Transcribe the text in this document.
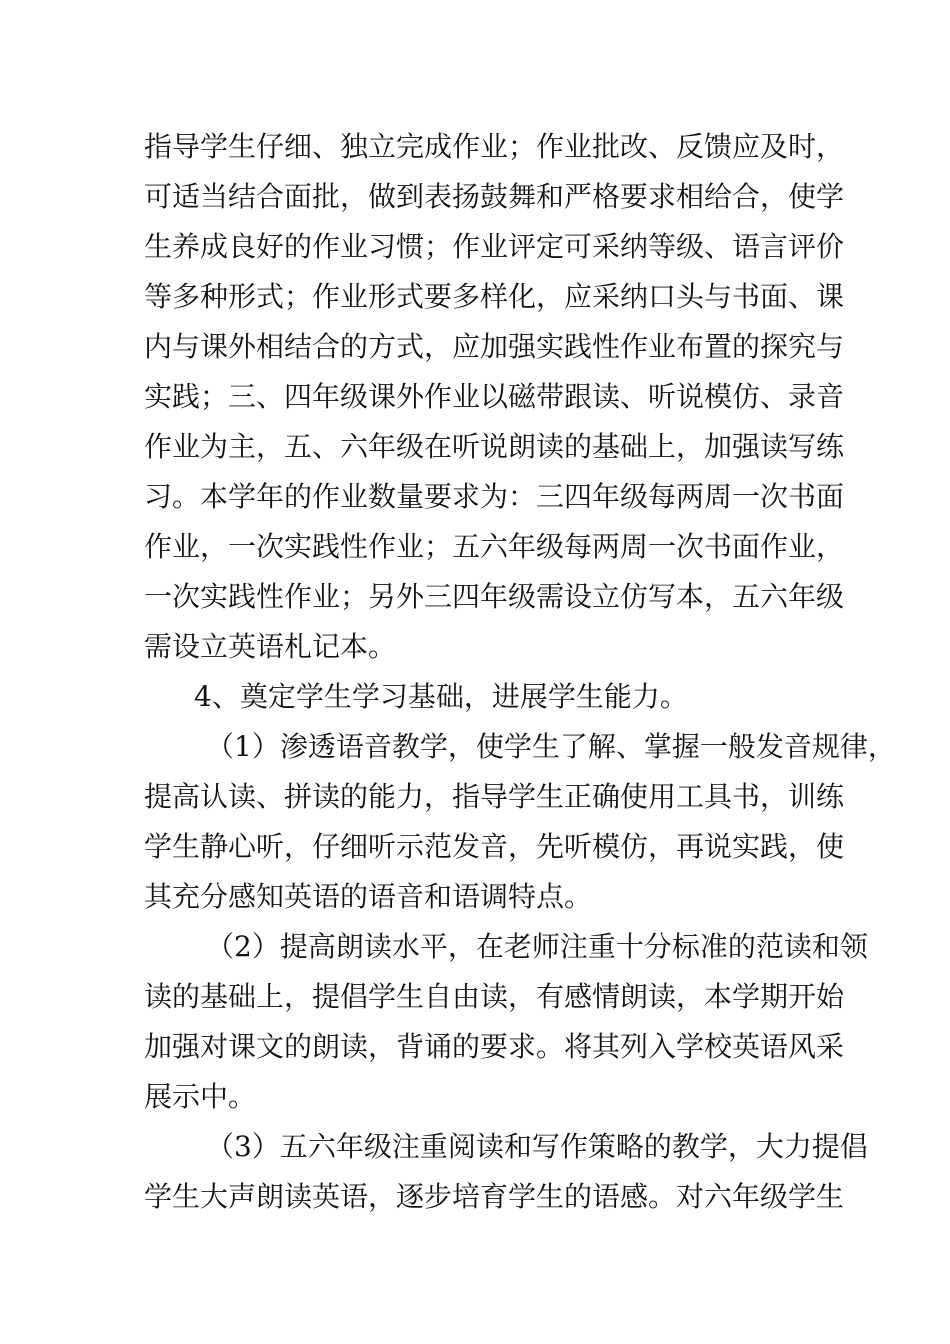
指导学生仔细、独立完成作业；作业批改、反馈应及时，
可适当结合面批，做到表扬鼓舞和严格要求相给合，使学
生养成良好的作业习惯；作业评定可采纳等级、语言评价
等多种形式；作业形式要多样化，应采纳口头与书面、课
内与课外相结合的方式，应加强实践性作业布置的探究与
实践；三、四年级课外作业以磁带跟读、听说模仿、录音
作业为主，五、六年级在听说朗读的基础上，加强读写练
习。本学年的作业数量要求为：三四年级每两周一次书面
作业，一次实践性作业；五六年级每两周一次书面作业，
一次实践性作业；另外三四年级需设立仿写本，五六年级
需设立英语札记本。
4、奠定学生学习基础，进展学生能力。
（1）渗透语音教学，使学生了解、掌握一般发音规律，
提高认读、拼读的能力，指导学生正确使用工具书，训练
学生静心听，仔细听示范发音，先听模仿，再说实践，使
其充分感知英语的语音和语调特点。
（2）提高朗读水平，在老师注重十分标准的范读和领
读的基础上，提倡学生自由读，有感情朗读，本学期开始
加强对课文的朗读，背诵的要求。将其列入学校英语风采
展示中。
（3）五六年级注重阅读和写作策略的教学，大力提倡
学生大声朗读英语，逐步培育学生的语感。对六年级学生
